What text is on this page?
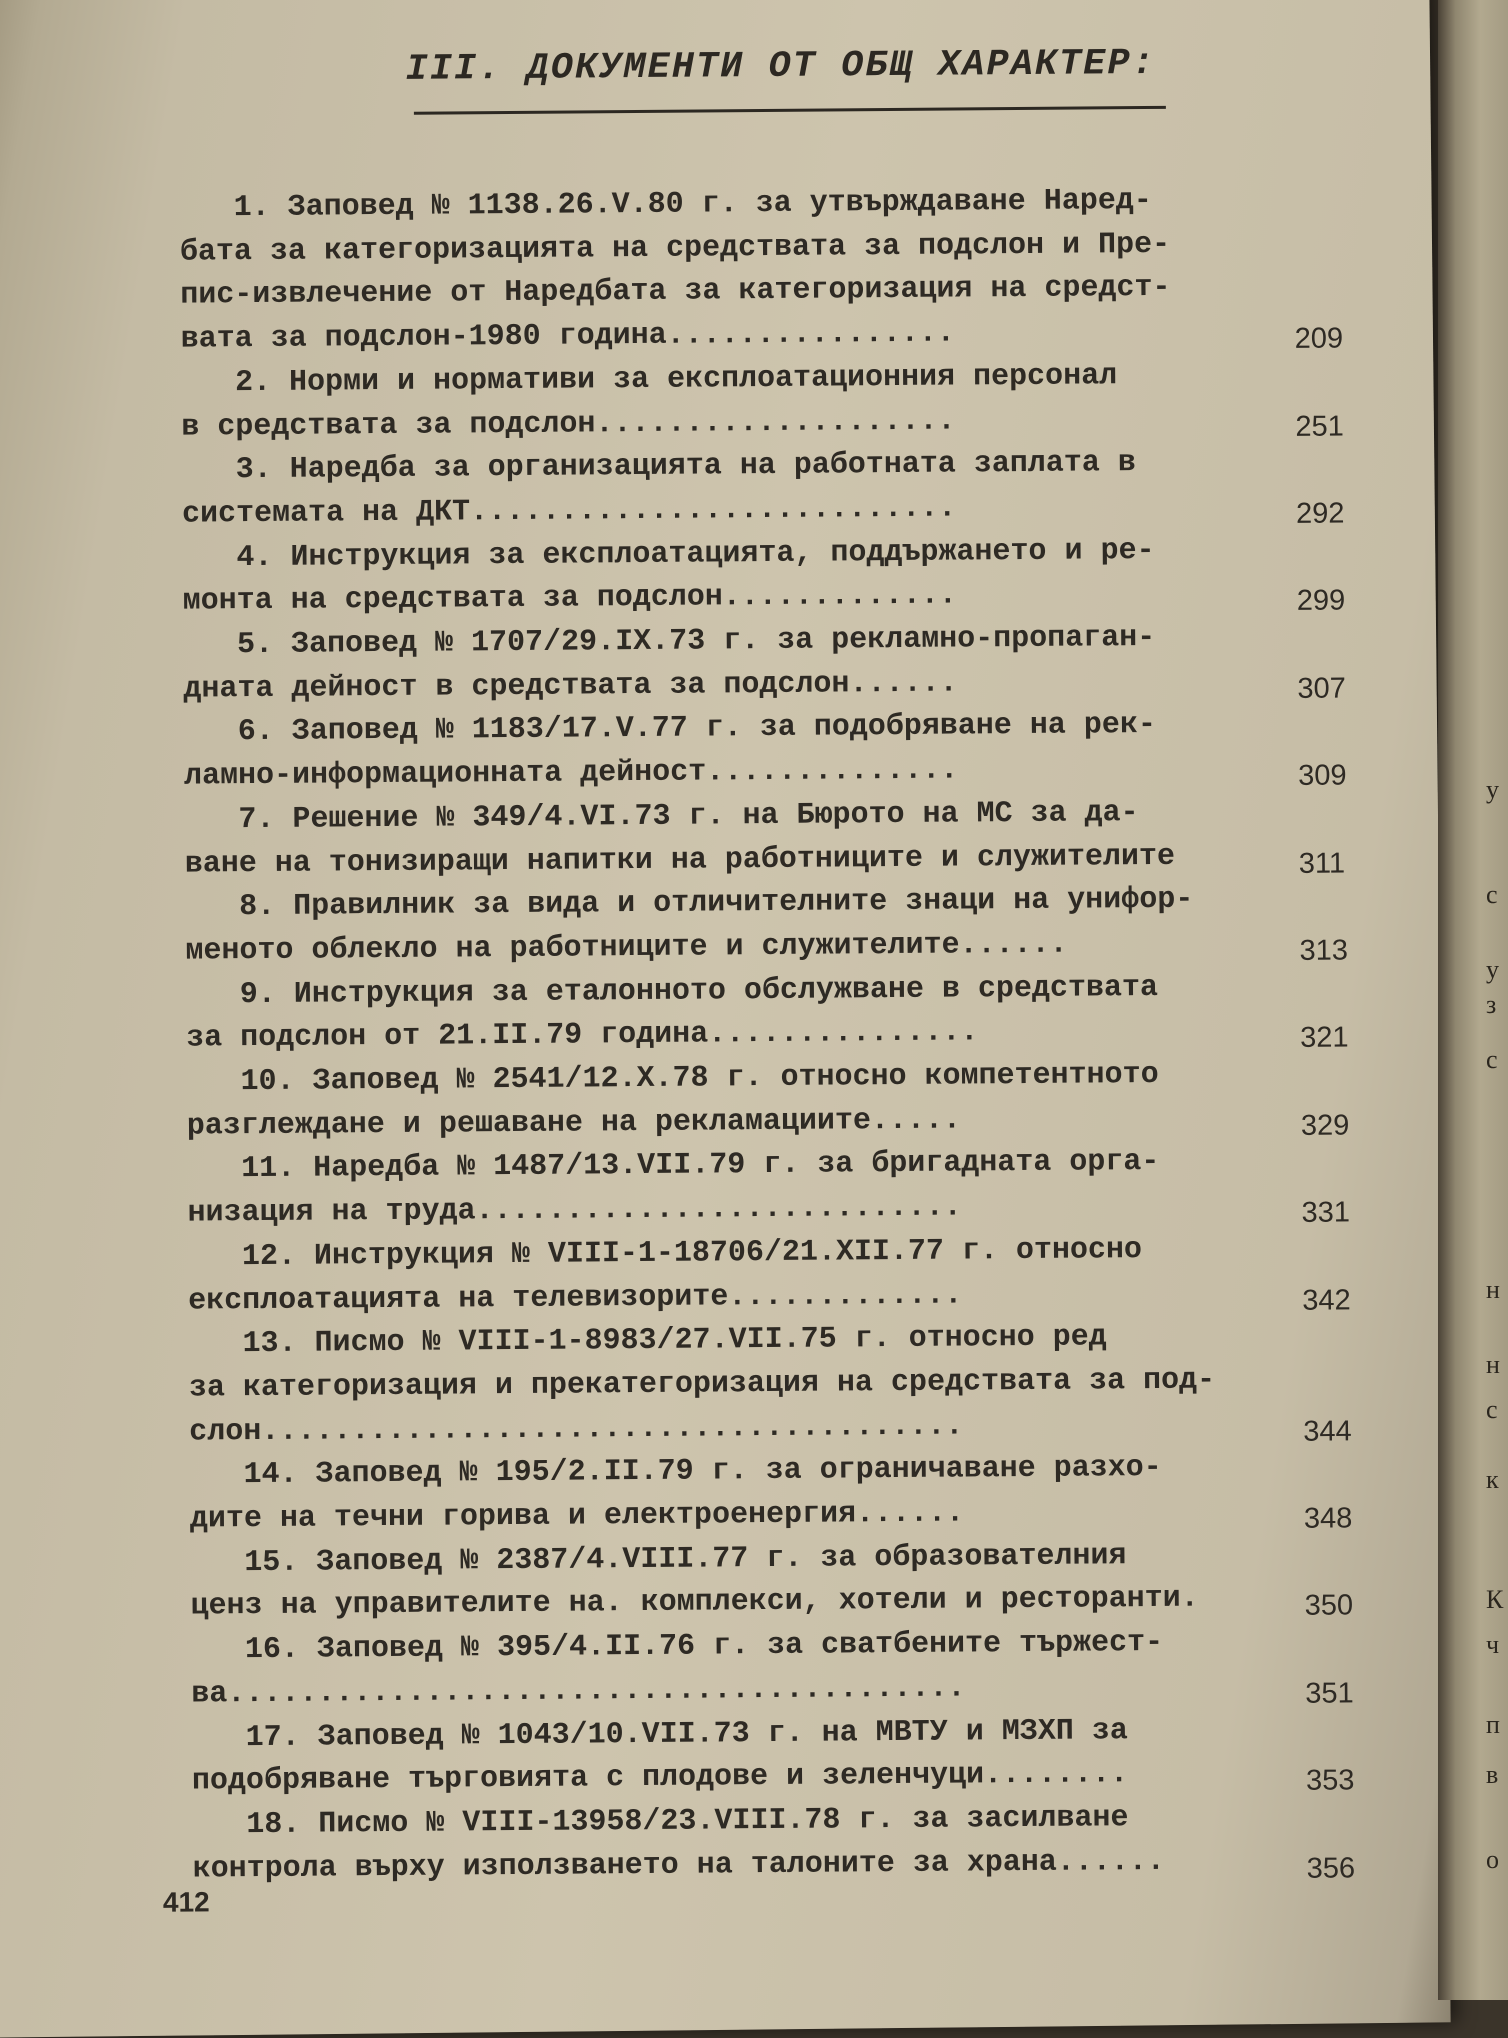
III. ДОКУМЕНТИ ОТ ОБЩ ХАРАКТЕР:
1. Заповед № 1138.26.V.80 г. за утвърждаване Наред-
бата за категоризацията на средствата за подслон и Пре-
пис-извлечение от Наредбата за категоризация на средст-
вата за подслон-1980 година................	209
2. Норми и нормативи за експлоатационния персонал
в средствата за подслон....................	251
3. Наредба за организацията на работната заплата в
системата на ДКТ...........................	292
4. Инструкция за експлоатацията, поддържането и ре-
монта на средствата за подслон.............	299
5. Заповед № 1707/29.IX.73 г. за рекламно-пропаган-
дната дейност в средствата за подслон......	307
6. Заповед № 1183/17.V.77 г. за подобряване на рек-
ламно-информационната дейност..............	309
7. Решение № 349/4.VI.73 г. на Бюрото на МС за да-
ване на тонизиращи напитки на работниците и служителите	311
8. Правилник за вида и отличителните знаци на унифор-
меното облекло на работниците и служителите......	313
9. Инструкция за еталонното обслужване в средствата
за подслон от 21.II.79 година...............	321
10. Заповед № 2541/12.X.78 г. относно компетентното
разглеждане и решаване на рекламациите.....	329
11. Наредба № 1487/13.VII.79 г. за бригадната орга-
низация на труда...........................	331
12. Инструкция № VIII-1-18706/21.XII.77 г. относно
експлоатацията на телевизорите.............	342
13. Писмо № VIII-1-8983/27.VII.75 г. относно ред
за категоризация и прекатегоризация на средствата за под-
слон.......................................	344
14. Заповед № 195/2.II.79 г. за ограничаване разхо-
дите на течни горива и електроенергия......	348
15. Заповед № 2387/4.VIII.77 г. за образователния
ценз на управителите на. комплекси, хотели и ресторанти.	350
16. Заповед № 395/4.II.76 г. за сватбените тържест-
ва.........................................	351
17. Заповед № 1043/10.VII.73 г. на МВТУ и МЗХП за
подобряване търговията с плодове и зеленчуци........	353
18. Писмо № VIII-13958/23.VIII.78 г. за засилване
контрола върху използването на талоните за храна......	356
412
у
с
у
з
с
н
н
с
к
К
ч
п
в
о
